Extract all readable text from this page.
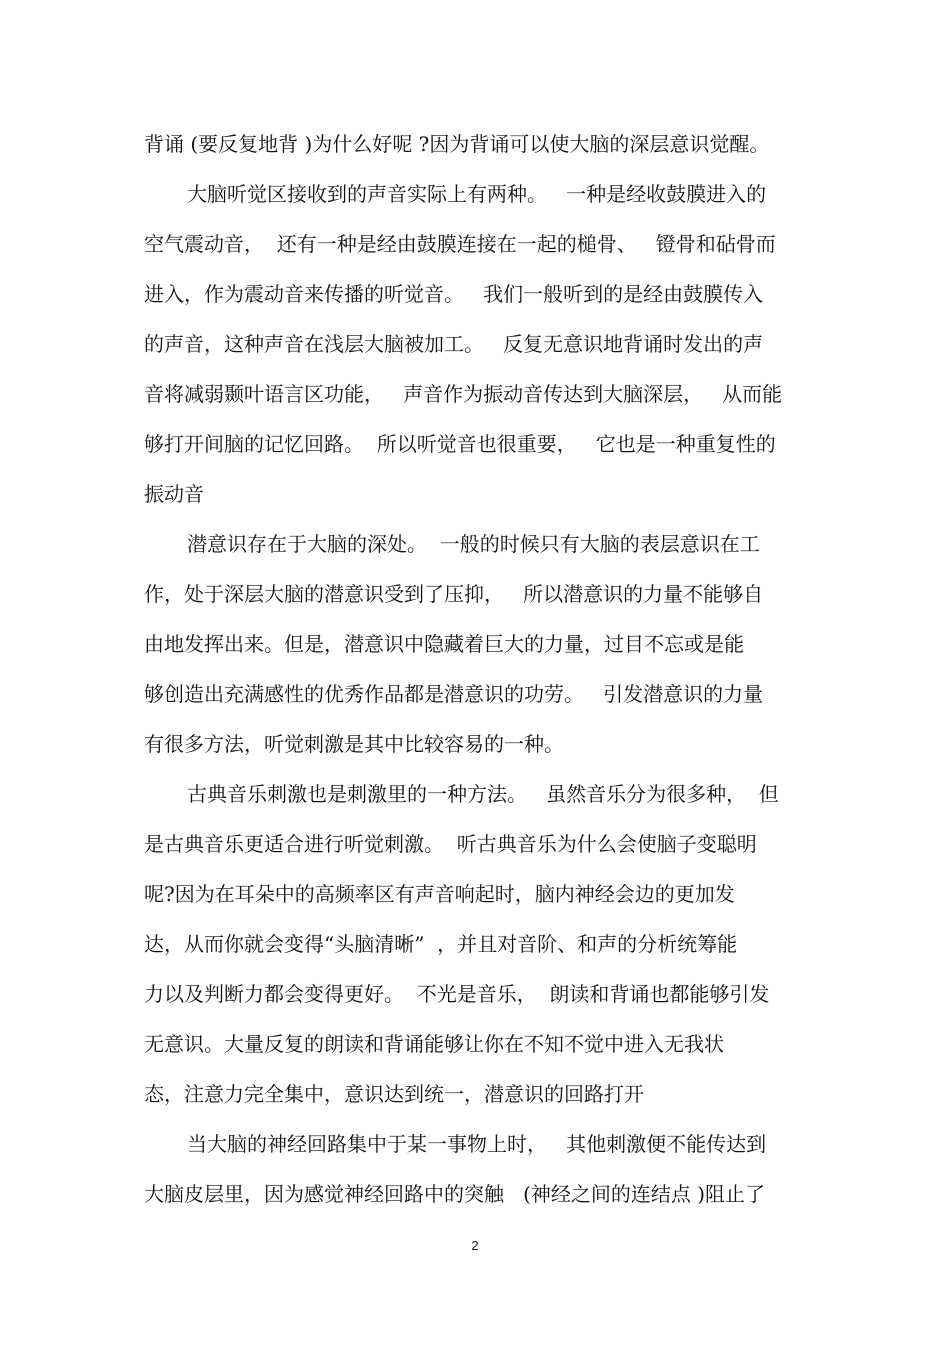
背诵 (要反复地背 )为什么好呢 ?因为背诵可以使大脑的深层意识觉醒。
大脑听觉区接收到的声音实际上有两种。   一种是经收鼓膜进入的
空气震动音，  还有一种是经由鼓膜连接在一起的槌骨、   镫骨和砧骨而
进入，作为震动音来传播的听觉音。   我们一般听到的是经由鼓膜传入
的声音，这种声音在浅层大脑被加工。   反复无意识地背诵时发出的声
音将减弱颞叶语言区功能，   声音作为振动音传达到大脑深层，   从而能
够打开间脑的记忆回路。  所以听觉音也很重要，   它也是一种重复性的
振动音
潜意识存在于大脑的深处。  一般的时候只有大脑的表层意识在工
作，处于深层大脑的潜意识受到了压抑，   所以潜意识的力量不能够自
由地发挥出来。但是，潜意识中隐藏着巨大的力量，过目不忘或是能
够创造出充满感性的优秀作品都是潜意识的功劳。   引发潜意识的力量
有很多方法，听觉刺激是其中比较容易的一种。
古典音乐刺激也是刺激里的一种方法。   虽然音乐分为很多种，  但
是古典音乐更适合进行听觉刺激。  听古典音乐为什么会使脑子变聪明
呢?因为在耳朵中的高频率区有声音响起时，脑内神经会边的更加发
达，从而你就会变得“头脑清晰”  ，并且对音阶、和声的分析统筹能
力以及判断力都会变得更好。  不光是音乐，  朗读和背诵也都能够引发
无意识。大量反复的朗读和背诵能够让你在不知不觉中进入无我状
态，注意力完全集中，意识达到统一，潜意识的回路打开
当大脑的神经回路集中于某一事物上时，   其他刺激便不能传达到
大脑皮层里，因为感觉神经回路中的突触   (神经之间的连结点 )阻止了
2
